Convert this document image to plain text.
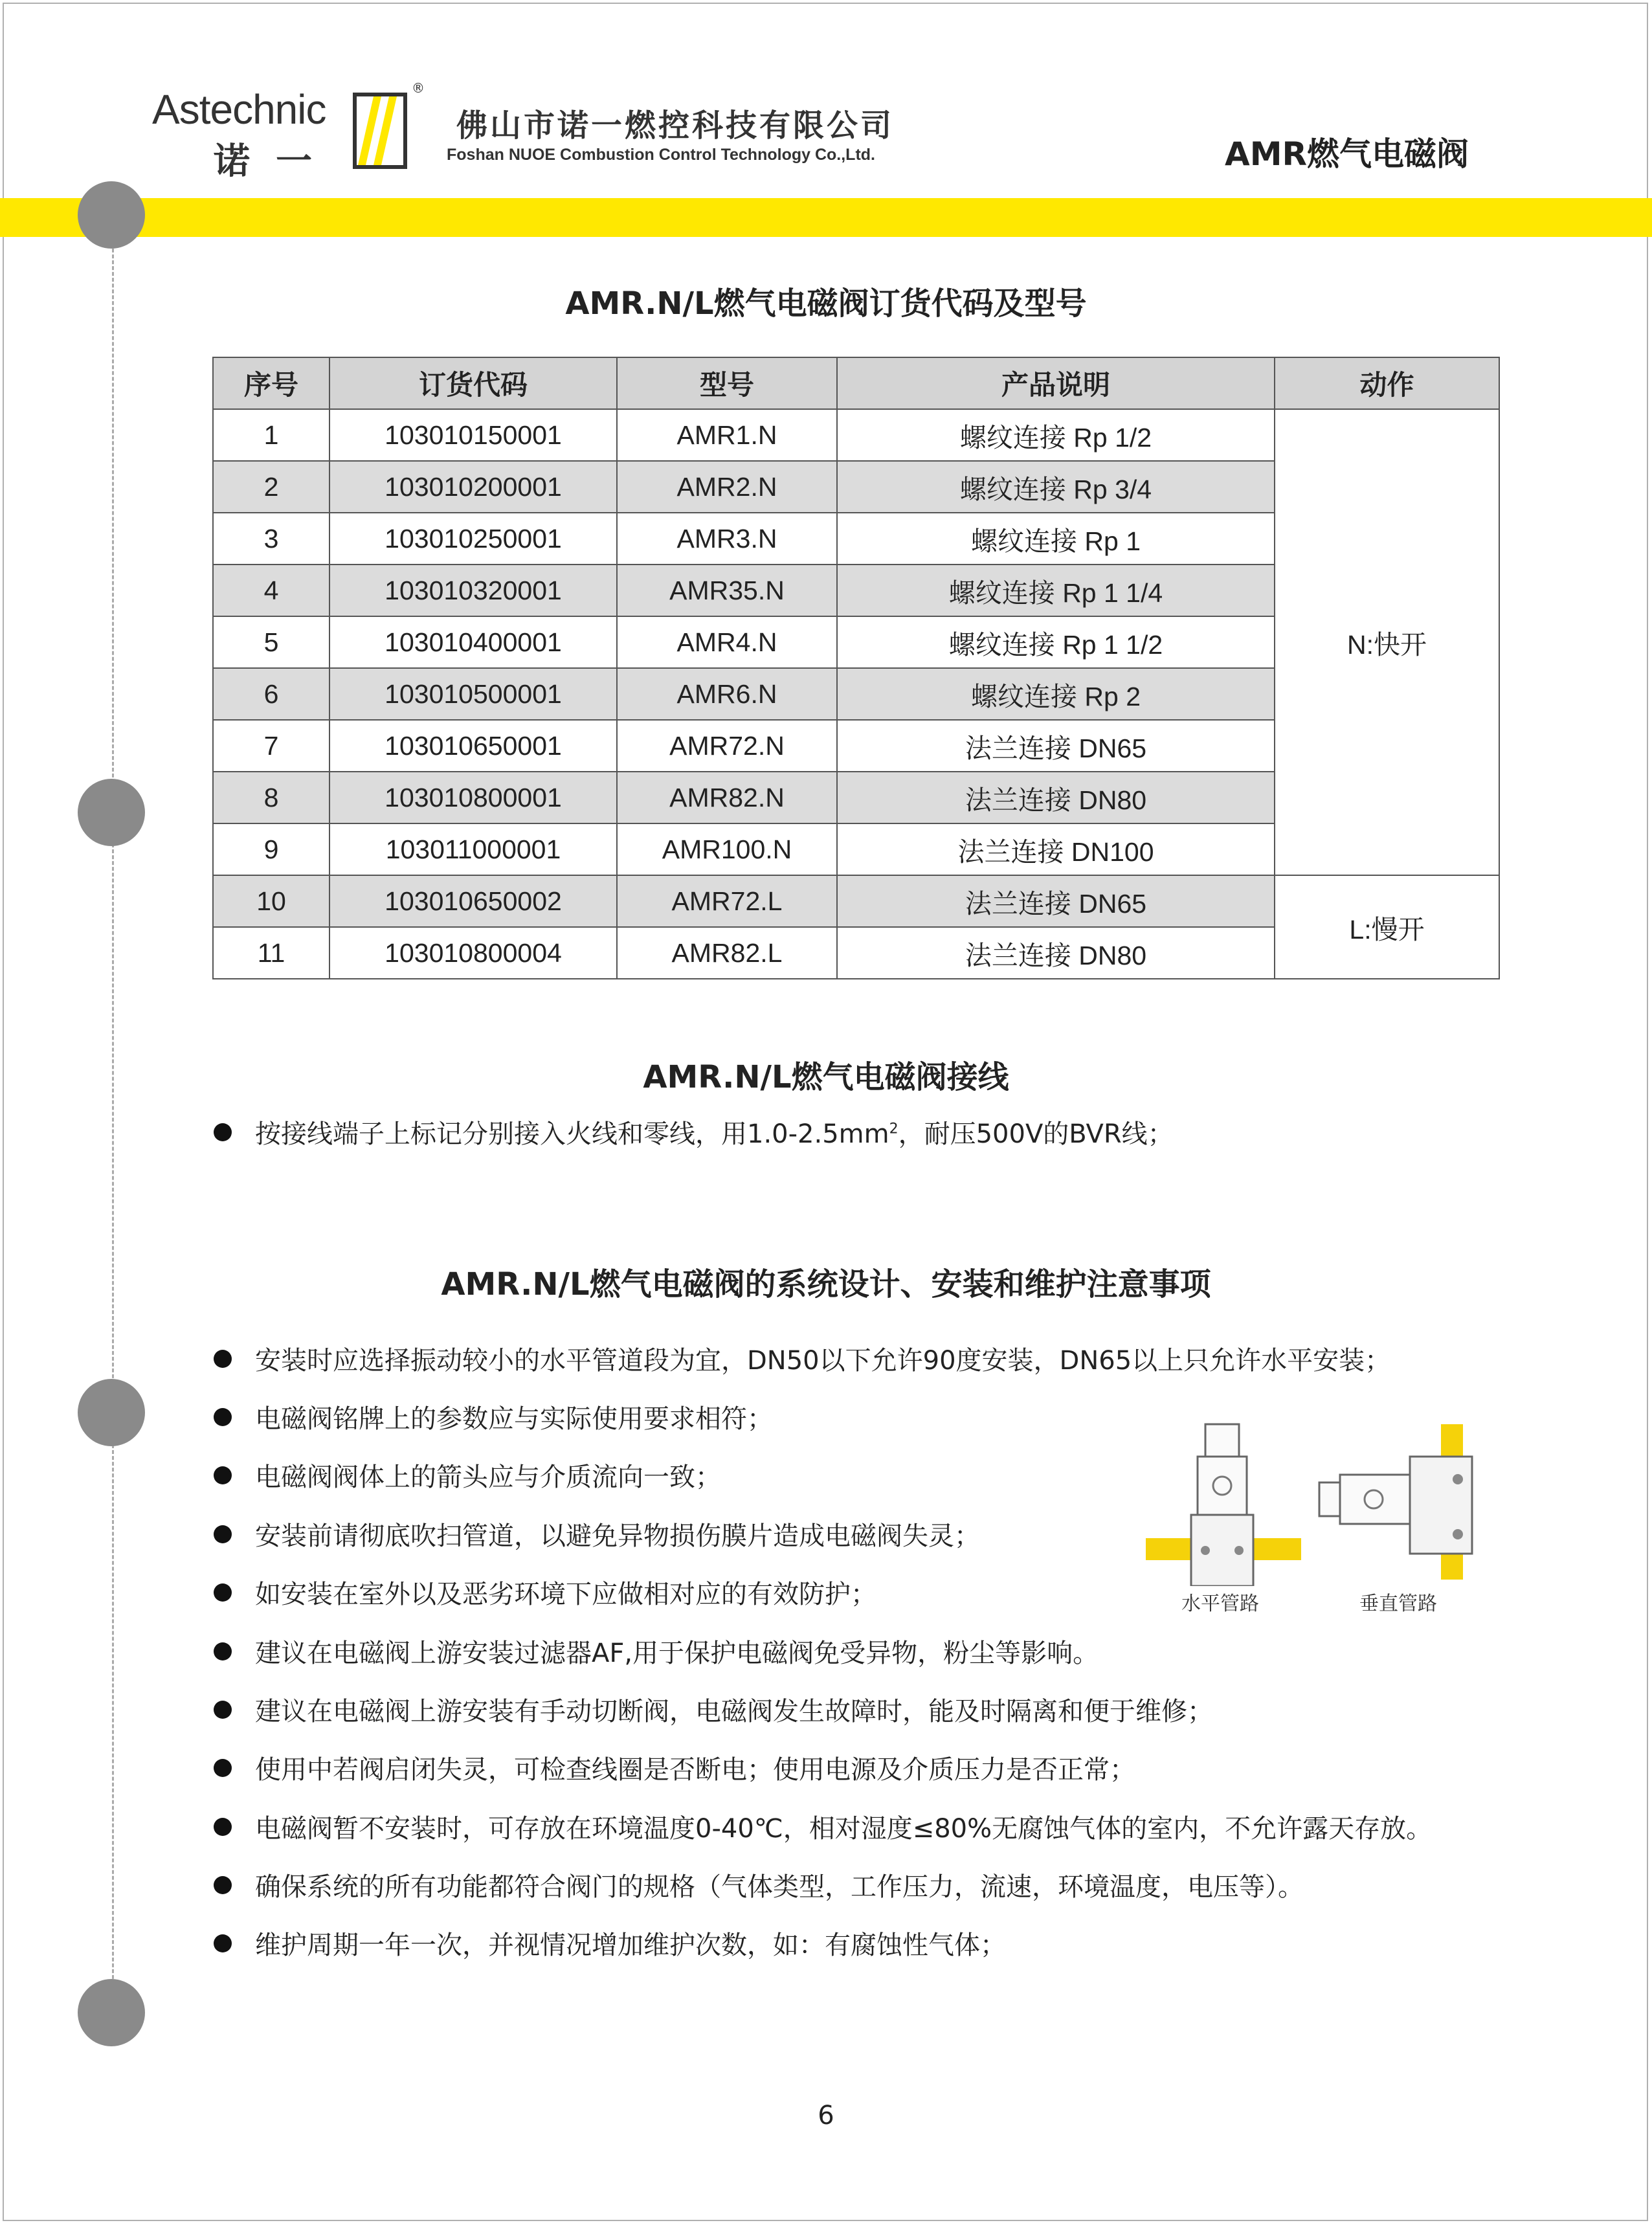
Astechnic
诺一
®
佛山市诺一燃控科技有限公司
Foshan NUOE Combustion Control Technology Co.,Ltd.	AMR燃气电磁阀
AMR.N/L燃气电磁阀订货代码及型号
序号	订货代码	型号	产品说明	动作
1	103010150001	AMR1.N	螺纹连接 Rp 1/2	N:快开
2	103010200001	AMR2.N	螺纹连接 Rp 3/4	
3	103010250001	AMR3.N	螺纹连接 Rp 1	
4	103010320001	AMR35.N	螺纹连接 Rp 1 1/4	
5	103010400001	AMR4.N	螺纹连接 Rp 1 1/2	
6	103010500001	AMR6.N	螺纹连接 Rp 2	
7	103010650001	AMR72.N	法兰连接 DN65	
8	103010800001	AMR82.N	法兰连接 DN80	
9	103011000001	AMR100.N	法兰连接 DN100	
10	103010650002	AMR72.L	法兰连接 DN65	L:慢开
11	103010800004	AMR82.L	法兰连接 DN80	
AMR.N/L燃气电磁阀接线
按接线端子上标记分别接入火线和零线，用$1.0-2.5mm^2$，耐压500V的BVR线；
AMR.N/L燃气电磁阀的系统设计、安装和维护注意事项
安装时应选择振动较小的水平管道段为宜，DN50以下允许90度安装，DN65以上只允许水平安装；
电磁阀铭牌上的参数应与实际使用要求相符；
电磁阀阀体上的箭头应与介质流向一致；
安装前请彻底吹扫管道，以避免异物损伤膜片造成电磁阀失灵；
如安装在室外以及恶劣环境下应做相对应的有效防护；
建议在电磁阀上游安装过滤器AF,用于保护电磁阀免受异物，粉尘等影响。
建议在电磁阀上游安装有手动切断阀，电磁阀发生故障时，能及时隔离和便于维修；
使用中若阀启闭失灵，可检查线圈是否断电；使用电源及介质压力是否正常；
电磁阀暂不安装时，可存放在环境温度0-40℃，相对湿度≤80%无腐蚀气体的室内，不允许露天存放。
确保系统的所有功能都符合阀门的规格（气体类型，工作压力，流速，环境温度，电压等）。
维护周期一年一次，并视情况增加维护次数，如：有腐蚀性气体；
水平管路	垂直管路
6
